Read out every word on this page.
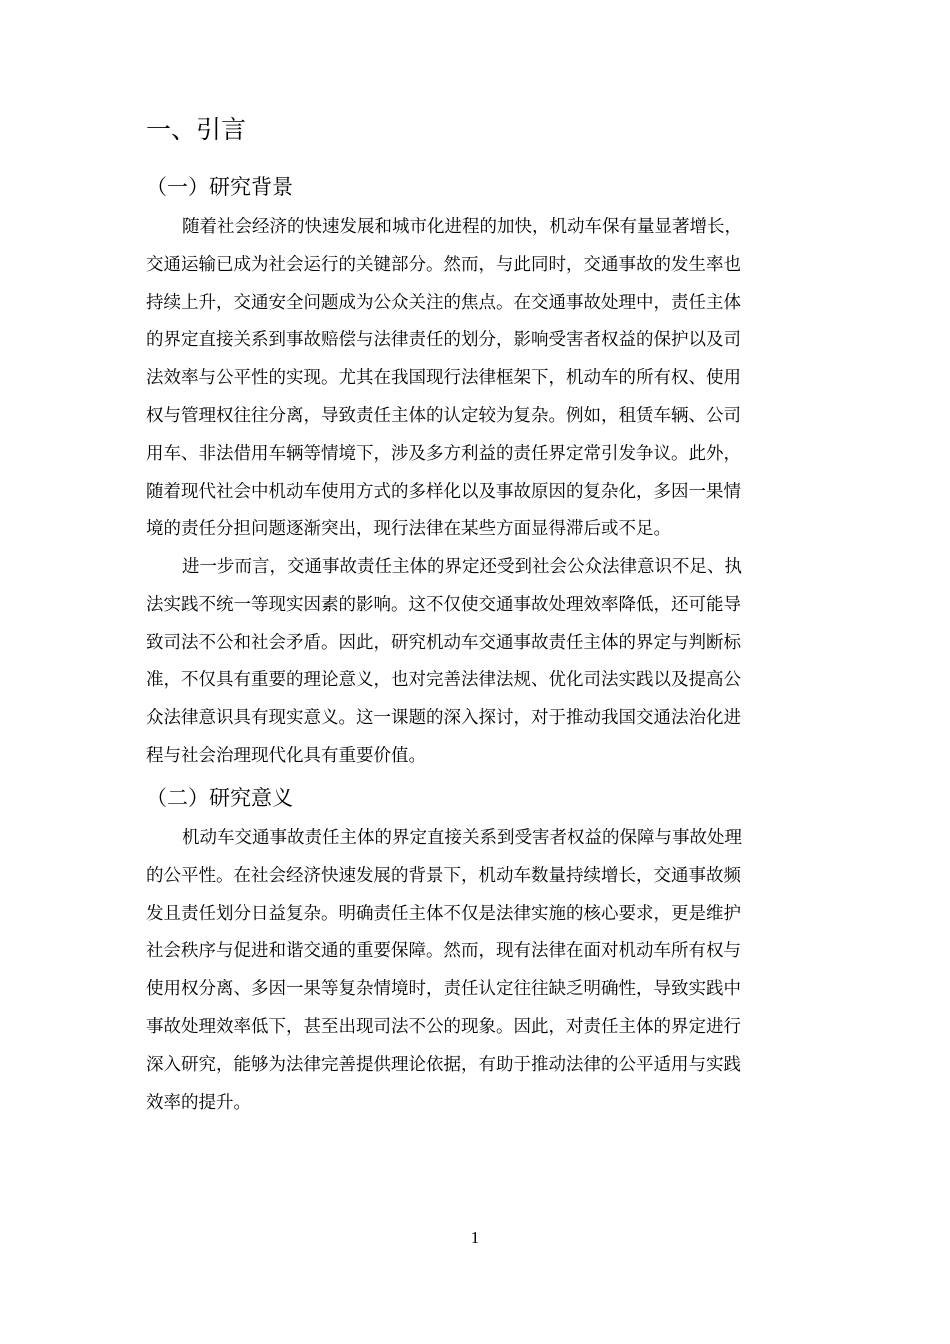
一、引言
（一）研究背景
随着社会经济的快速发展和城市化进程的加快，机动车保有量显著增长，
交通运输已成为社会运行的关键部分。然而，与此同时，交通事故的发生率也
持续上升，交通安全问题成为公众关注的焦点。在交通事故处理中，责任主体
的界定直接关系到事故赔偿与法律责任的划分，影响受害者权益的保护以及司
法效率与公平性的实现。尤其在我国现行法律框架下，机动车的所有权、使用
权与管理权往往分离，导致责任主体的认定较为复杂。例如，租赁车辆、公司
用车、非法借用车辆等情境下，涉及多方利益的责任界定常引发争议。此外，
随着现代社会中机动车使用方式的多样化以及事故原因的复杂化，多因一果情
境的责任分担问题逐渐突出，现行法律在某些方面显得滞后或不足。
进一步而言，交通事故责任主体的界定还受到社会公众法律意识不足、执
法实践不统一等现实因素的影响。这不仅使交通事故处理效率降低，还可能导
致司法不公和社会矛盾。因此，研究机动车交通事故责任主体的界定与判断标
准，不仅具有重要的理论意义，也对完善法律法规、优化司法实践以及提高公
众法律意识具有现实意义。这一课题的深入探讨，对于推动我国交通法治化进
程与社会治理现代化具有重要价值。
（二）研究意义
机动车交通事故责任主体的界定直接关系到受害者权益的保障与事故处理
的公平性。在社会经济快速发展的背景下，机动车数量持续增长，交通事故频
发且责任划分日益复杂。明确责任主体不仅是法律实施的核心要求，更是维护
社会秩序与促进和谐交通的重要保障。然而，现有法律在面对机动车所有权与
使用权分离、多因一果等复杂情境时，责任认定往往缺乏明确性，导致实践中
事故处理效率低下，甚至出现司法不公的现象。因此，对责任主体的界定进行
深入研究，能够为法律完善提供理论依据，有助于推动法律的公平适用与实践
效率的提升。
1
